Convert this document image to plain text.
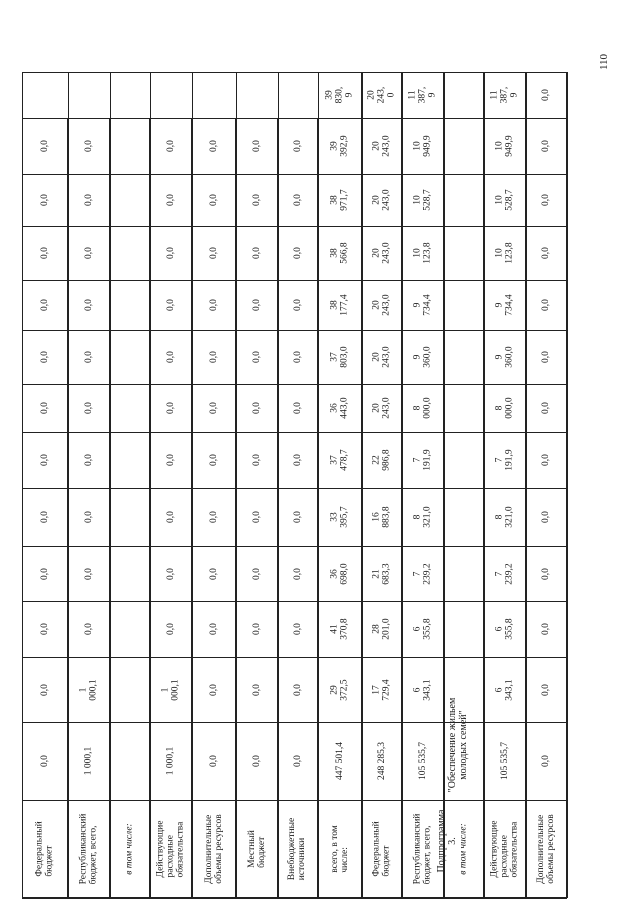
110
Подпрограмма
3.
"Обеспечение жильем
молодых семей"
Федеральный
бюджет
0,0
0,0
0,0
0,0
0,0
0,0
0,0
0,0
0,0
0,0
0,0
0,0
Республиканский
бюджет, всего,
1 000,1
1
000,1
0,0
0,0
0,0
0,0
0,0
0,0
0,0
0,0
0,0
0,0
в том числе: Действующие
расходные
обязательства
1 000,1
1
000,1
0,0
0,0
0,0
0,0
0,0
0,0
0,0
0,0
0,0
0,0
Дополнительные
объемы ресурсов
0,0
0,0
0,0
0,0
0,0
0,0
0,0
0,0
0,0
0,0
0,0
0,0
Местный
бюджет
0,0
0,0
0,0
0,0
0,0
0,0
0,0
0,0
0,0
0,0
0,0
0,0
Внебюджетные
источники
0,0
0,0
0,0
0,0
0,0
0,0
0,0
0,0
0,0
0,0
0,0
0,0
всего, в том
числе:
447 501,4
29
372,5
41
370,8
36
698,0
33
395,7
37
478,7
36
443,0
37
803,0
38
177,4
38
566,8
38
971,7
39
392,9
39
830,
9
Федеральный
бюджет
248 285,3
17
729,4
28
201,0
21
683,3
16
883,8
22
986,8
20
243,0
20
243,0
20
243,0
20
243,0
20
243,0
20
243,0
20
243,
0
Республиканский
бюджет, всего,
105 535,7
6
343,1
6
355,8
7
239,2
8
321,0
7
191,9
8
000,0
9
360,0
9
734,4
10
123,8
10
528,7
10
949,9
11
387,
9
в том числе: Действующие
расходные
обязательства
105 535,7
6
343,1
6
355,8
7
239,2
8
321,0
7
191,9
8
000,0
9
360,0
9
734,4
10
123,8
10
528,7
10
949,9
11
387,
9
Дополнительные
объемы ресурсов
0,0
0,0
0,0
0,0
0,0
0,0
0,0
0,0
0,0
0,0
0,0
0,0
0,0
